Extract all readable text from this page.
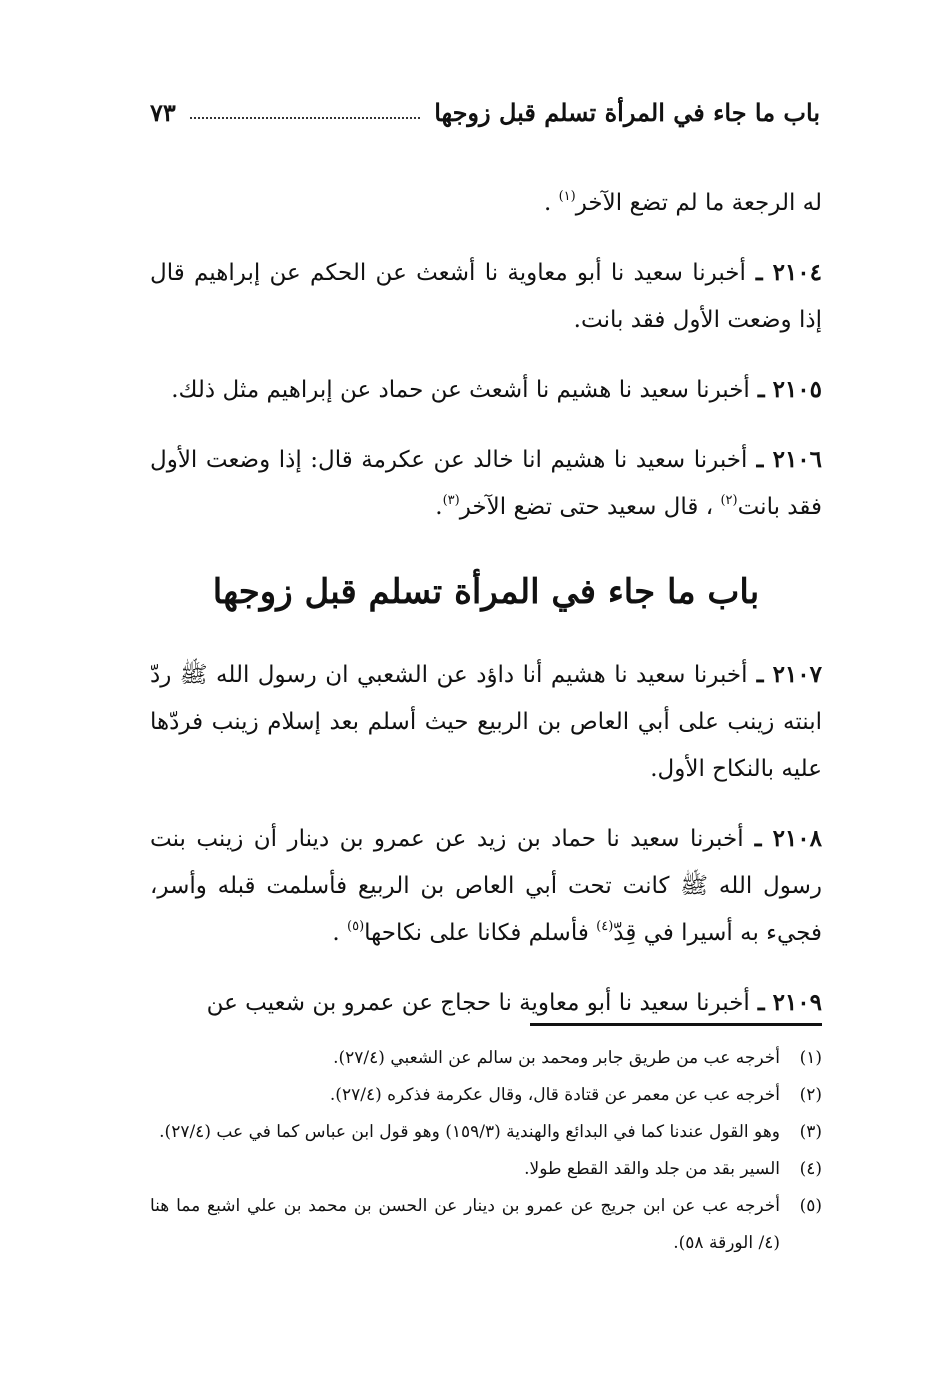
باب ما جاء في المرأة تسلم قبل زوجها
٧٣

له الرجعة ما لم تضع الآخر$^{(١)}$ .

٢١٠٤ ـ أخبرنا سعيد نا أبو معاوية نا أشعث عن الحكم عن إبراهيم قال إذا وضعت الأول فقد بانت.

٢١٠٥ ـ أخبرنا سعيد نا هشيم نا أشعث عن حماد عن إبراهيم مثل ذلك.

٢١٠٦ ـ أخبرنا سعيد نا هشيم انا خالد عن عكرمة قال: إذا وضعت الأول فقد بانت$^{(٢)}$ ، قال سعيد حتى تضع الآخر$^{(٣)}$.

باب ما جاء في المرأة تسلم قبل زوجها

٢١٠٧ ـ أخبرنا سعيد نا هشيم أنا داؤد عن الشعبي ان رسول الله ﷺ ردّ ابنته زينب على أبي العاص بن الربيع حيث أسلم بعد إسلام زينب فردّها عليه بالنكاح الأول.

٢١٠٨ ـ أخبرنا سعيد نا حماد بن زيد عن عمرو بن دينار أن زينب بنت رسول الله ﷺ كانت تحت أبي العاص بن الربيع فأسلمت قبله وأسر، فجيء به أسيرا في قِدّ$^{(٤)}$ فأسلم فكانا على نكاحها$^{(٥)}$ .

٢١٠٩ ـ أخبرنا سعيد نا أبو معاوية نا حجاج عن عمرو بن شعيب عن

(١)
أخرجه عب من طريق جابر ومحمد بن سالم عن الشعبي (٢٧/٤).
(٢)
أخرجه عب عن معمر عن قتادة قال، وقال عكرمة فذكره (٢٧/٤).
(٣)
وهو القول عندنا كما في البدائع والهندية (١٥٩/٣) وهو قول ابن عباس كما في عب (٢٧/٤).
(٤)
السير بقد من جلد والقد القطع طولا.
(٥)
أخرجه عب عن ابن جريج عن عمرو بن دينار عن الحسن بن محمد بن علي اشبع مما هنا (٤/ الورقة ٥٨).
